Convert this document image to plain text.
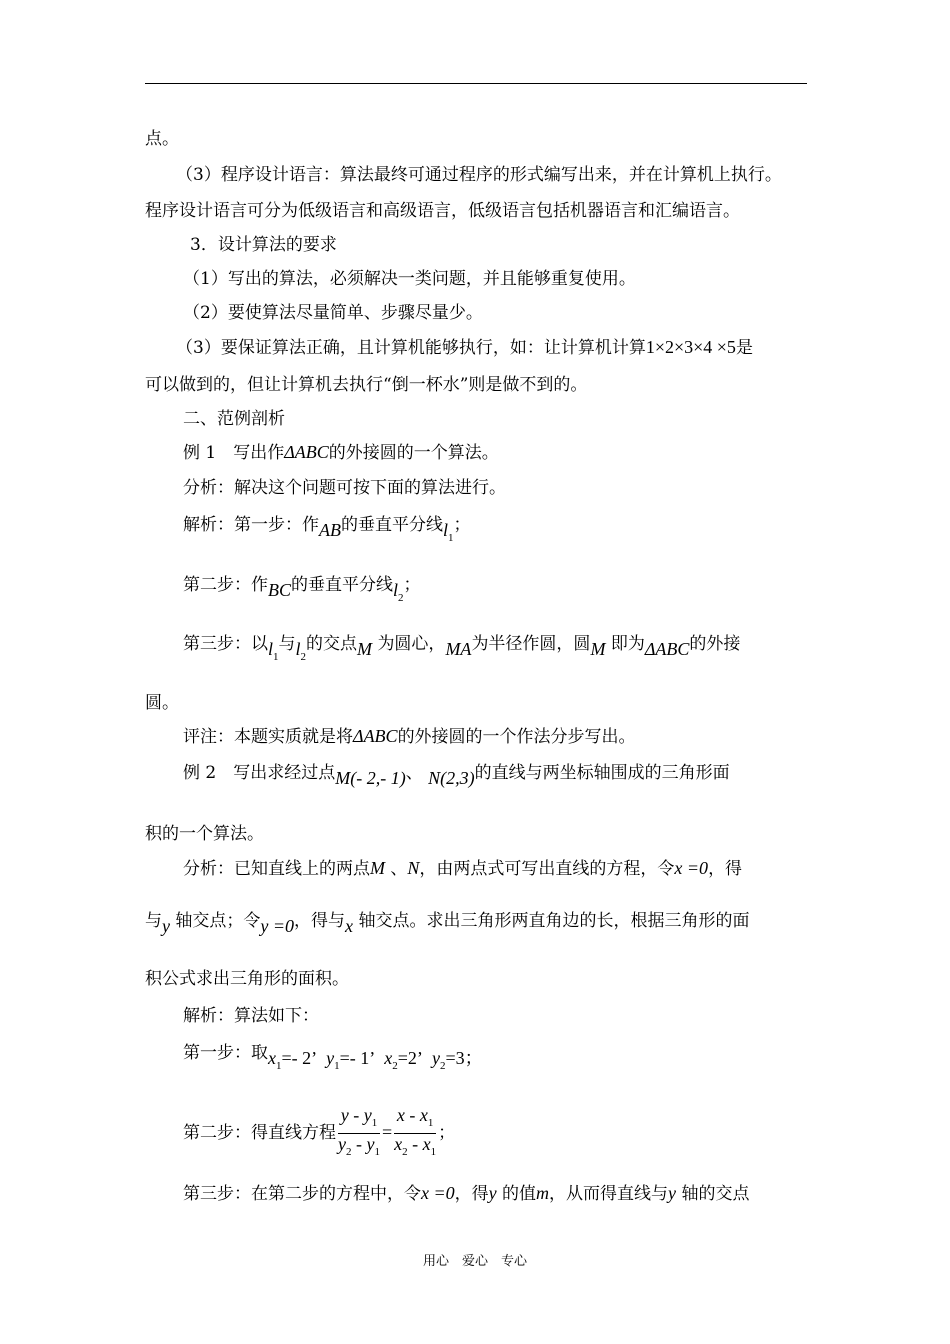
点。
（3）程序设计语言：算法最终可通过程序的形式编写出来，并在计算机上执行。
程序设计语言可分为低级语言和高级语言，低级语言包括机器语言和汇编语言。
3．设计算法的要求
（1）写出的算法，必须解决一类问题，并且能够重复使用。
（2）要使算法尽量简单、步骤尽量少。
（3）要保证算法正确，且计算机能够执行，如：让计算机计算1×2×3×4 ×5是
可以做到的，但让计算机去执行“倒一杯水”则是做不到的。
二、范例剖析
例 1　写出作ΔABC的外接圆的一个算法。
分析：解决这个问题可按下面的算法进行。
解析：第一步：作AB的垂直平分线$l_1$；
第二步：作BC的垂直平分线$l_2$；
第三步：以$l_1$与$l_2$的交点M 为圆心，MA为半径作圆，圆M 即为ΔABC的外接
圆。
评注：本题实质就是将ΔABC的外接圆的一个作法分步写出。
例 2　写出求经过点M(- 2,- 1)、 N(2,3)的直线与两坐标轴围成的三角形面
积的一个算法。
分析：已知直线上的两点M 、N，由两点式可写出直线的方程，令x =0，得
与y 轴交点；令y =0，得与x 轴交点。求出三角形两直角边的长，根据三角形的面
积公式求出三角形的面积。
解析：算法如下：
第一步：取$x_1=-$ 2’ $y_1=-$ 1’ $x_2=2$’ $y_2=3$；
第二步：得直线方程 $\frac{y - y_1}{y_2 - y_1} = \frac{x - x_1}{x_2 - x_1}$ ；
第三步：在第二步的方程中，令x =0，得y 的值m，从而得直线与y 轴的交点
用心　爱心　专心
